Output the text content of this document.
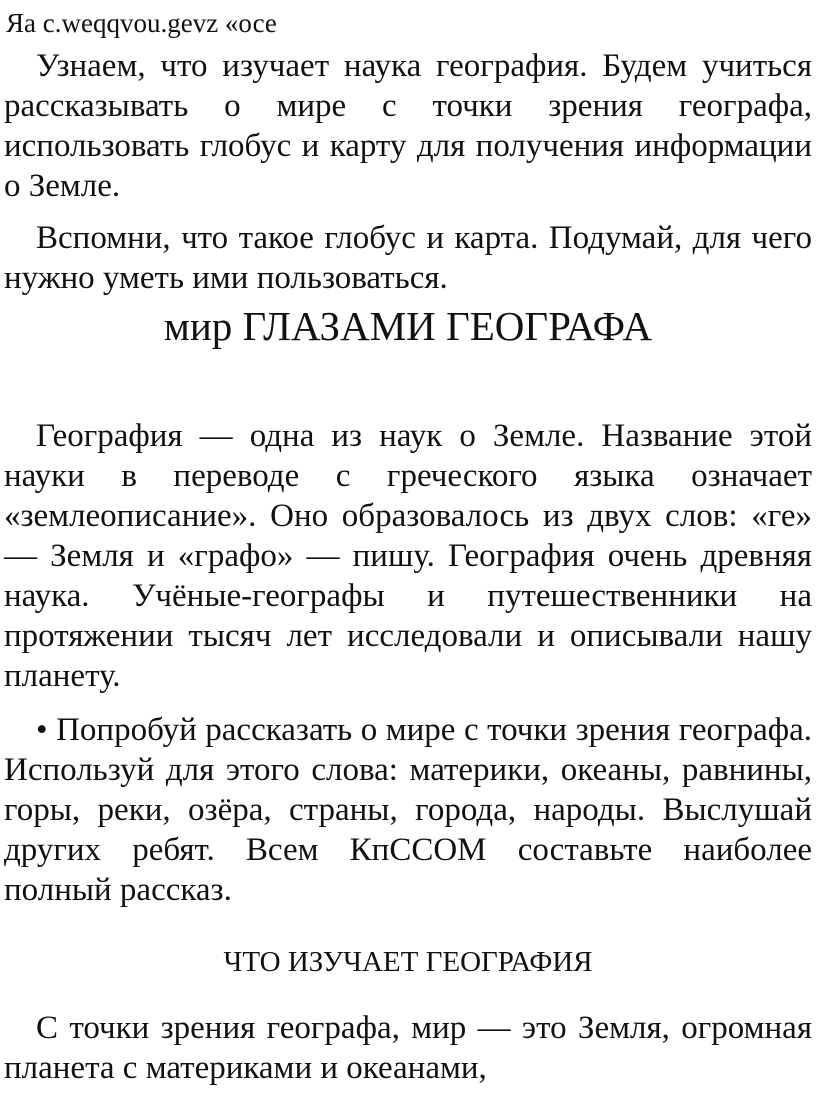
Яа c.weqqvou.gevz «осе

Узнаем, что изучает наука география. Будем учиться рассказывать о мире с точки зрения географа, использовать глобус и карту для получения информации о Земле.

Вспомни, что такое глобус и карта. Подумай, для чего нужно уметь ими пользоваться.

мир ГЛАЗАМИ ГЕОГРАФА

География — одна из наук о Земле. Название этой науки в переводе с греческого языка означает «землеописание». Оно образовалось из двух слов: «ге» — Земля и «графо» — пишу. География очень древняя наука. Учёные-географы и путешественники на протяжении тысяч лет исследовали и описывали нашу планету.

• Попробуй рассказать о мире с точки зрения географа. Используй для этого слова: материки, океаны, равнины, горы, реки, озёра, страны, города, народы. Выслушай других ребят. Всем КпССОМ составьте наиболее полный рассказ.

ЧТО ИЗУЧАЕТ ГЕОГРАФИЯ

С точки зрения географа, мир — это Земля, огромная планета с материками и океанами,
